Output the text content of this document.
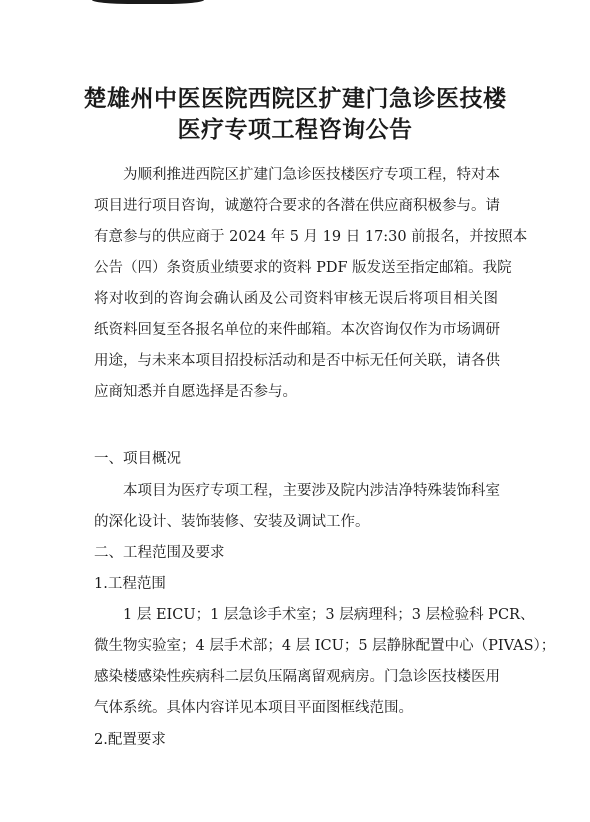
楚雄州中医医院西院区扩建门急诊医技楼
医疗专项工程咨询公告
为顺利推进西院区扩建门急诊医技楼医疗专项工程，特对本
项目进行项目咨询，诚邀符合要求的各潜在供应商积极参与。请
有意参与的供应商于 2024 年 5 月 19 日 17:30 前报名，并按照本
公告（四）条资质业绩要求的资料 PDF 版发送至指定邮箱。我院
将对收到的咨询会确认函及公司资料审核无误后将项目相关图
纸资料回复至各报名单位的来件邮箱。本次咨询仅作为市场调研
用途，与未来本项目招投标活动和是否中标无任何关联，请各供
应商知悉并自愿选择是否参与。
一、项目概况
本项目为医疗专项工程，主要涉及院内涉洁净特殊装饰科室
的深化设计、装饰装修、安装及调试工作。
二、工程范围及要求
1.工程范围
1 层 EICU；1 层急诊手术室；3 层病理科；3 层检验科 PCR、
微生物实验室；4 层手术部；4 层 ICU；5 层静脉配置中心（PIVAS）；
感染楼感染性疾病科二层负压隔离留观病房。门急诊医技楼医用
气体系统。具体内容详见本项目平面图框线范围。
2.配置要求
